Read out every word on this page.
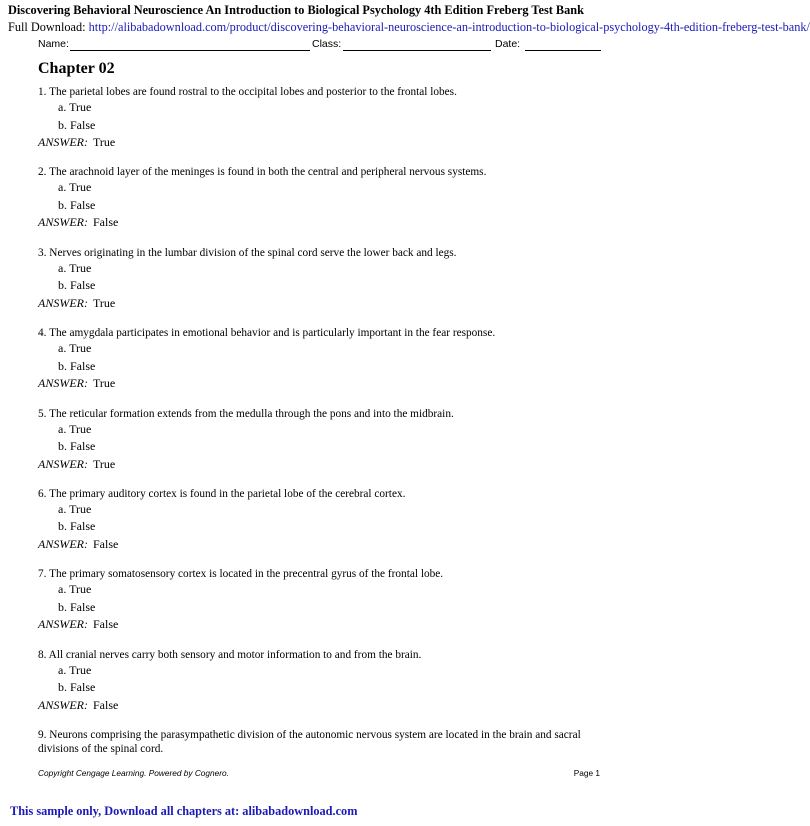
Discovering Behavioral Neuroscience An Introduction to Biological Psychology 4th Edition Freberg Test Bank
Full Download: http://alibabadownload.com/product/discovering-behavioral-neuroscience-an-introduction-to-biological-psychology-4th-edition-freberg-test-bank/
Name:	Class:	Date:
Chapter 02
1. The parietal lobes are found rostral to the occipital lobes and posterior to the frontal lobes.
a. True
b. False
ANSWER: True
2. The arachnoid layer of the meninges is found in both the central and peripheral nervous systems.
a. True
b. False
ANSWER: False
3. Nerves originating in the lumbar division of the spinal cord serve the lower back and legs.
a. True
b. False
ANSWER: True
4. The amygdala participates in emotional behavior and is particularly important in the fear response.
a. True
b. False
ANSWER: True
5. The reticular formation extends from the medulla through the pons and into the midbrain.
a. True
b. False
ANSWER: True
6. The primary auditory cortex is found in the parietal lobe of the cerebral cortex.
a. True
b. False
ANSWER: False
7. The primary somatosensory cortex is located in the precentral gyrus of the frontal lobe.
a. True
b. False
ANSWER: False
8. All cranial nerves carry both sensory and motor information to and from the brain.
a. True
b. False
ANSWER: False
9. Neurons comprising the parasympathetic division of the autonomic nervous system are located in the brain and sacral divisions of the spinal cord.
Copyright Cengage Learning. Powered by Cognero.	Page 1
This sample only, Download all chapters at: alibabadownload.com
